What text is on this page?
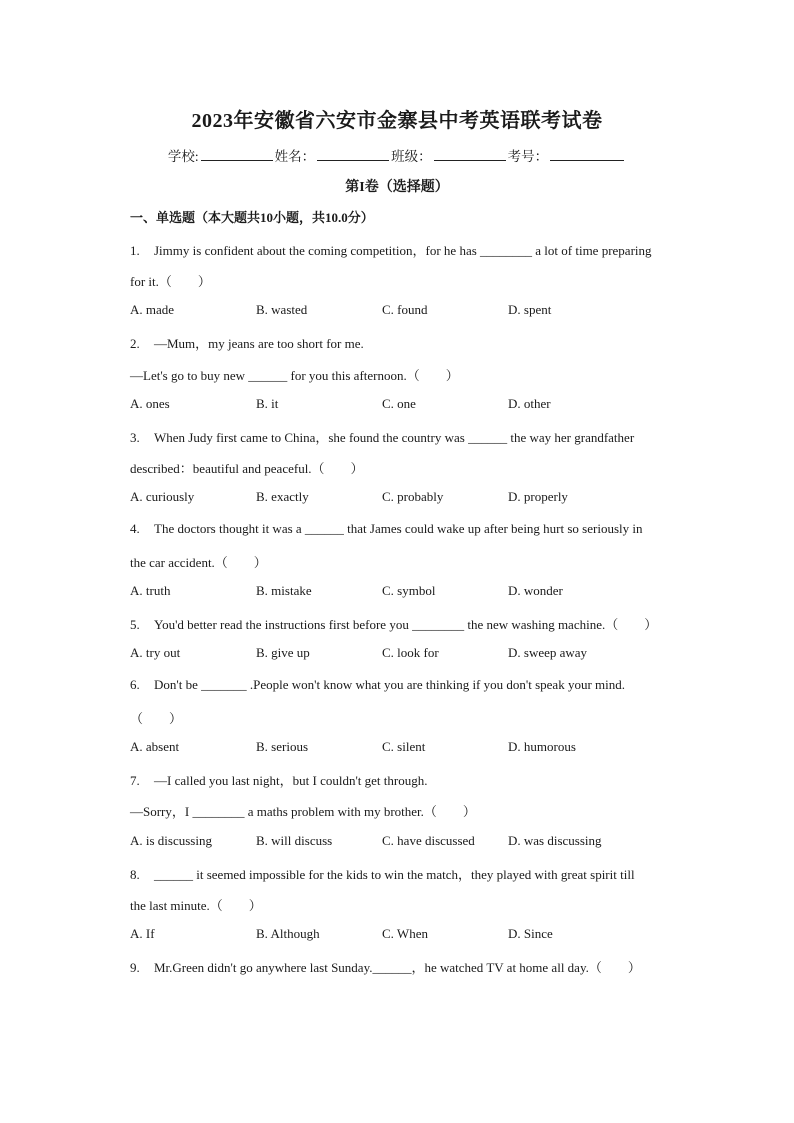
2023年安徽省六安市金寨县中考英语联考试卷
学校:	姓名：	班级：	考号：
第I卷（选择题）
一、单选题（本大题共10小题，共10.0分）
1. Jimmy is confident about the coming competition，for he has ________ a lot of time preparing
for it.（　　）
A. made	B. wasted	C. found	D. spent
2. —Mum，my jeans are too short for me.
—Let's go to buy new ______ for you this afternoon.（　　）
A. ones	B. it	C. one	D. other
3. When Judy first came to China，she found the country was ______ the way her grandfather
described：beautiful and peaceful.（　　）
A. curiously	B. exactly	C. probably	D. properly
4. The doctors thought it was a ______ that James could wake up after being hurt so seriously in
the car accident.（　　）
A. truth	B. mistake	C. symbol	D. wonder
5. You'd better read the instructions first before you ________ the new washing machine.（　　）
A. try out	B. give up	C. look for	D. sweep away
6. Don't be _______ .People won't know what you are thinking if you don't speak your mind.
（　　）
A. absent	B. serious	C. silent	D. humorous
7. —I called you last night，but I couldn't get through.
—Sorry，I ________ a maths problem with my brother.（　　）
A. is discussing	B. will discuss	C. have discussed	D. was discussing
8. ______ it seemed impossible for the kids to win the match，they played with great spirit till
the last minute.（　　）
A. If	B. Although	C. When	D. Since
9. Mr.Green didn't go anywhere last Sunday.______，he watched TV at home all day.（　　）
